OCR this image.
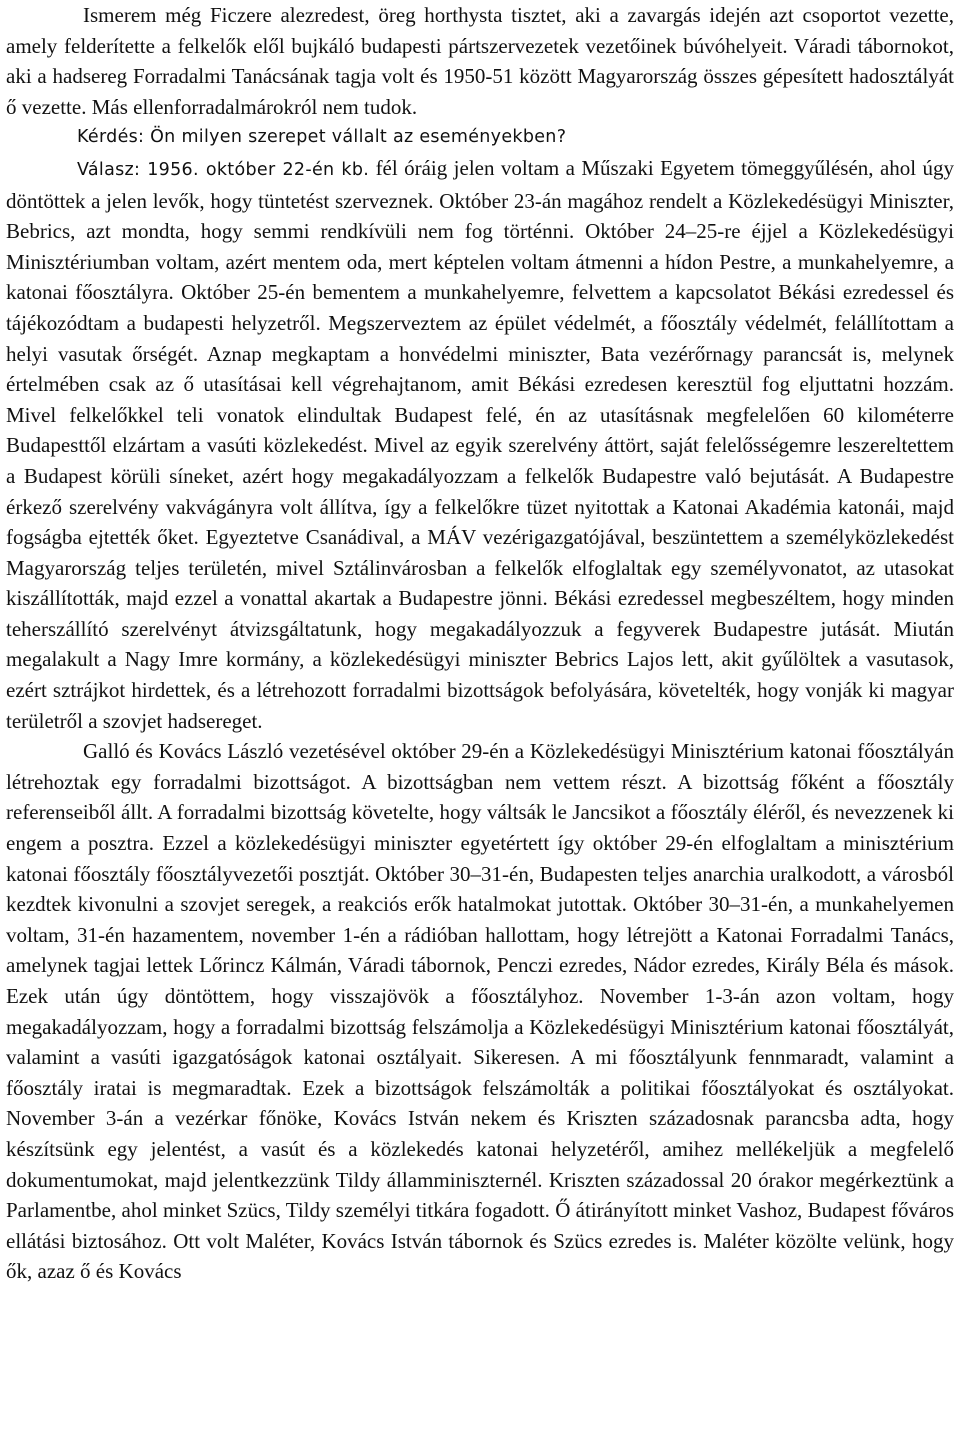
Ismerem még Ficzere alezredest, öreg horthysta tisztet, aki a zavargás idején azt csoportot vezette, amely felderítette a felkelők elől bujkáló budapesti pártszervezetek vezetőinek búvóhelyeit. Váradi tábornokot, aki a hadsereg Forradalmi Tanácsának tagja volt és 1950-51 között Magyarország összes gépesített hadosztályát ő vezette. Más ellenforradalmárokról nem tudok.

Kérdés: Ön milyen szerepet vállalt az eseményekben?

Válasz: 1956. október 22-én kb. fél óráig jelen voltam a Műszaki Egyetem tömeggyűlésén, ahol úgy döntöttek a jelen levők, hogy tüntetést szerveznek. Október 23-án magához rendelt a Közlekedésügyi Miniszter, Bebrics, azt mondta, hogy semmi rendkívüli nem fog történni. Október 24–25-re éjjel a Közlekedésügyi Minisztériumban voltam, azért mentem oda, mert képtelen voltam átmenni a hídon Pestre, a munkahelyemre, a katonai főosztályra. Október 25-én bementem a munkahelyemre, felvettem a kapcsolatot Békási ezredessel és tájékozódtam a budapesti helyzetről. Megszerveztem az épület védelmét, a főosztály védelmét, felállítottam a helyi vasutak őrségét. Aznap megkaptam a honvédelmi miniszter, Bata vezérőrnagy parancsát is, melynek értelmében csak az ő utasításai kell végrehajtanom, amit Békási ezredesen keresztül fog eljuttatni hozzám. Mivel felkelőkkel teli vonatok elindultak Budapest felé, én az utasításnak megfelelően 60 kilométerre Budapesttől elzártam a vasúti közlekedést. Mivel az egyik szerelvény áttört, saját felelősségemre leszereltettem a Budapest körüli síneket, azért hogy megakadályozzam a felkelők Budapestre való bejutását. A Budapestre érkező szerelvény vakvágányra volt állítva, így a felkelőkre tüzet nyitottak a Katonai Akadémia katonái, majd fogságba ejtették őket. Egyeztetve Csanádival, a MÁV vezérigazgatójával, beszüntettem a személyközlekedést Magyarország teljes területén, mivel Sztálinvárosban a felkelők elfoglaltak egy személyvonatot, az utasokat kiszállították, majd ezzel a vonattal akartak a Budapestre jönni. Békási ezredessel megbeszéltem, hogy minden teherszállító szerelvényt átvizsgáltatunk, hogy megakadályozzuk a fegyverek Budapestre jutását. Miután megalakult a Nagy Imre kormány, a közlekedésügyi miniszter Bebrics Lajos lett, akit gyűlöltek a vasutasok, ezért sztrájkot hirdettek, és a létrehozott forradalmi bizottságok befolyására, követelték, hogy vonják ki magyar területről a szovjet hadsereget.

Galló és Kovács László vezetésével október 29-én a Közlekedésügyi Minisztérium katonai főosztályán létrehoztak egy forradalmi bizottságot. A bizottságban nem vettem részt. A bizottság főként a főosztály referenseiből állt. A forradalmi bizottság követelte, hogy váltsák le Jancsikot a főosztály éléről, és nevezzenek ki engem a posztra. Ezzel a közlekedésügyi miniszter egyetértett így október 29-én elfoglaltam a minisztérium katonai főosztály főosztályvezetői posztját. Október 30–31-én, Budapesten teljes anarchia uralkodott, a városból kezdtek kivonulni a szovjet seregek, a reakciós erők hatalmokat jutottak. Október 30–31-én, a munkahelyemen voltam, 31-én hazamentem, november 1-én a rádióban hallottam, hogy létrejött a Katonai Forradalmi Tanács, amelynek tagjai lettek Lőrincz Kálmán, Váradi tábornok, Penczi ezredes, Nádor ezredes, Király Béla és mások. Ezek után úgy döntöttem, hogy visszajövök a főosztályhoz. November 1-3-án azon voltam, hogy megakadályozzam, hogy a forradalmi bizottság felszámolja a Közlekedésügyi Minisztérium katonai főosztályát, valamint a vasúti igazgatóságok katonai osztályait. Sikeresen. A mi főosztályunk fennmaradt, valamint a főosztály iratai is megmaradtak. Ezek a bizottságok felszámolták a politikai főosztályokat és osztályokat. November 3-án a vezérkar főnöke, Kovács István nekem és Kriszten századosnak parancsba adta, hogy készítsünk egy jelentést, a vasút és a közlekedés katonai helyzetéről, amihez mellékeljük a megfelelő dokumentumokat, majd jelentkezzünk Tildy államminiszternél. Kriszten századossal 20 órakor megérkeztünk a Parlamentbe, ahol minket Szücs, Tildy személyi titkára fogadott. Ő átirányított minket Vashoz, Budapest főváros ellátási biztosához. Ott volt Maléter, Kovács István tábornok és Szücs ezredes is. Maléter közölte velünk, hogy ők, azaz ő és Kovács
